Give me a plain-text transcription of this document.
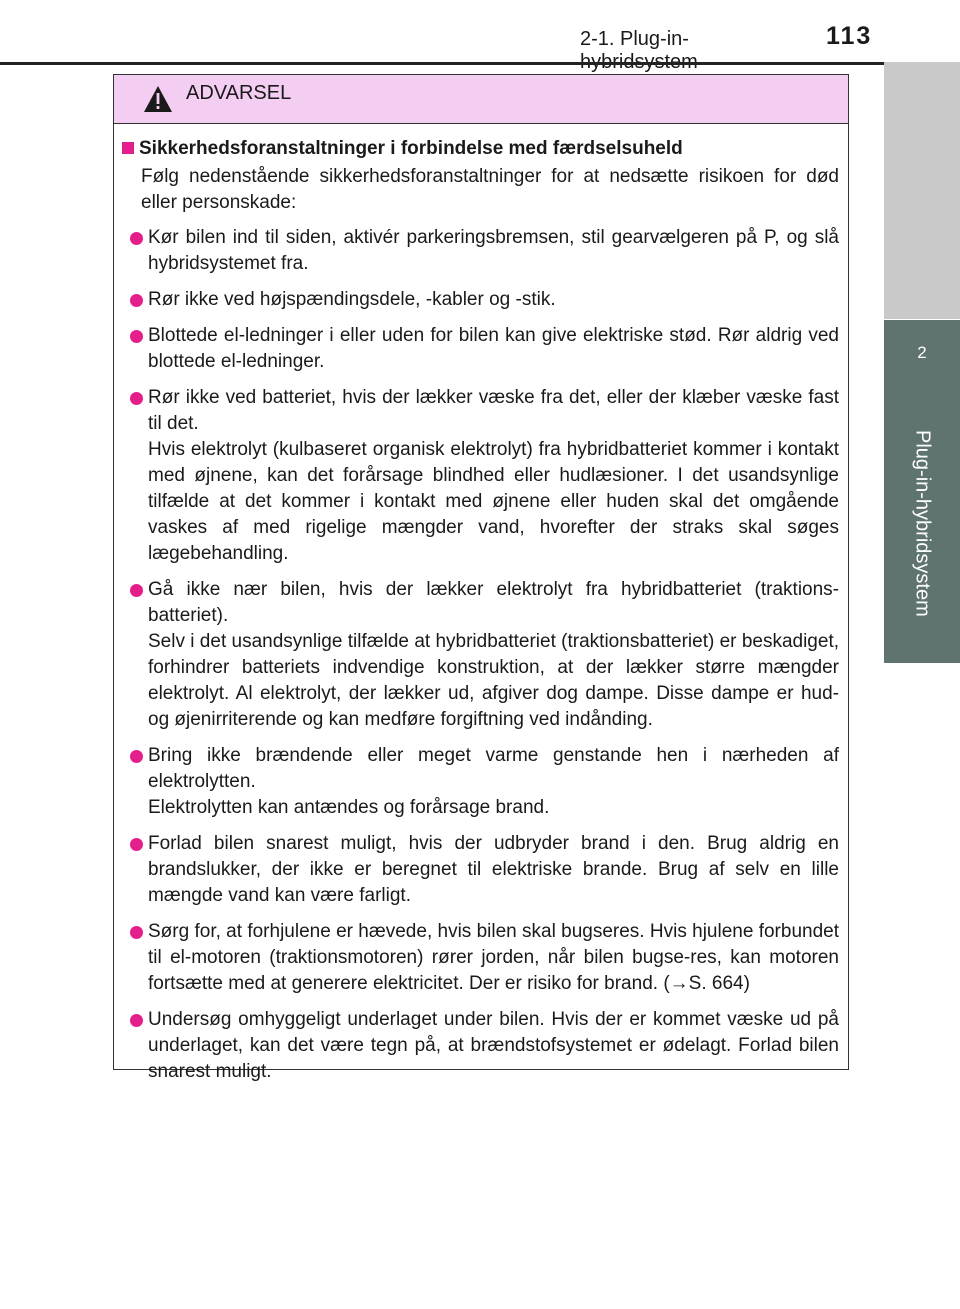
2-1. Plug-in-	113
2
Plug-in-hybridsystem
ADVARSEL
Sikkerhedsforanstaltninger i forbindelse med færdselsuheld
Følg nedenstående sikkerhedsforanstaltninger for at nedsætte risikoen for død eller personskade:
Kør bilen ind til siden, aktivér parkeringsbremsen, stil gearvælgeren på P, og slå hybridsystemet fra.
Rør ikke ved højspændingsdele, -kabler og -stik.
Blottede el-ledninger i eller uden for bilen kan give elektriske stød. Rør aldrig ved blottede el-ledninger.
Rør ikke ved batteriet, hvis der lækker væske fra det, eller der klæber væske fast til det.
Hvis elektrolyt (kulbaseret organisk elektrolyt) fra hybridbatteriet kommer i kontakt med øjnene, kan det forårsage blindhed eller hudlæsioner. I det usandsynlige tilfælde at det kommer i kontakt med øjnene eller huden skal det omgående vaskes af med rigelige mængder vand, hvorefter der straks skal søges lægebehandling.
Gå ikke nær bilen, hvis der lækker elektrolyt fra hybridbatteriet (traktions-batteriet).
Selv i det usandsynlige tilfælde at hybridbatteriet (traktionsbatteriet) er beskadiget, forhindrer batteriets indvendige konstruktion, at der lækker større mængder elektrolyt. Al elektrolyt, der lækker ud, afgiver dog dampe. Disse dampe er hud- og øjenirriterende og kan medføre forgiftning ved indånding.
Bring ikke brændende eller meget varme genstande hen i nærheden af elektrolytten.
Elektrolytten kan antændes og forårsage brand.
Forlad bilen snarest muligt, hvis der udbryder brand i den. Brug aldrig en brandslukker, der ikke er beregnet til elektriske brande. Brug af selv en lille mængde vand kan være farligt.
Sørg for, at forhjulene er hævede, hvis bilen skal bugseres. Hvis hjulene forbundet til el-motoren (traktionsmotoren) rører jorden, når bilen bugse-res, kan motoren fortsætte med at generere elektricitet. Der er risiko for brand. (→S. 664)
Undersøg omhyggeligt underlaget under bilen. Hvis der er kommet væske ud på underlaget, kan det være tegn på, at brændstofsystemet er ødelagt. Forlad bilen snarest muligt.
